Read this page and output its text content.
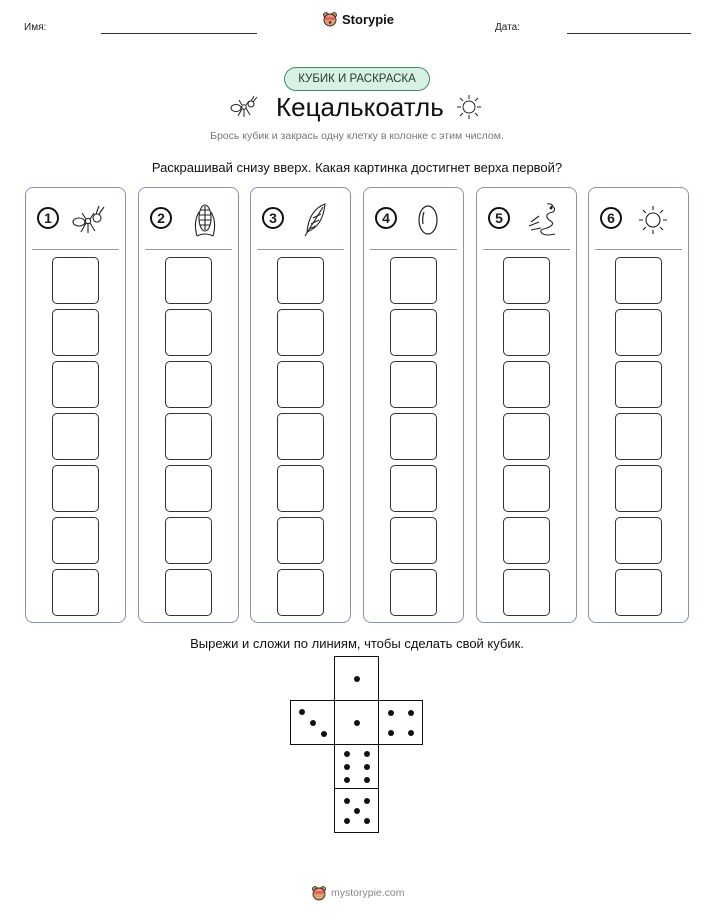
Имя:	Дата:
Storypie
КУБИК И РАСКРАСКА
Кецалькоатль
Брось кубик и закрась одну клетку в колонке с этим числом.
Раскрашивай снизу вверх. Какая картинка достигнет верха первой?
1	2	3	4	5	6
Вырежи и сложи по линиям, чтобы сделать свой кубик.
mystorypie.com
